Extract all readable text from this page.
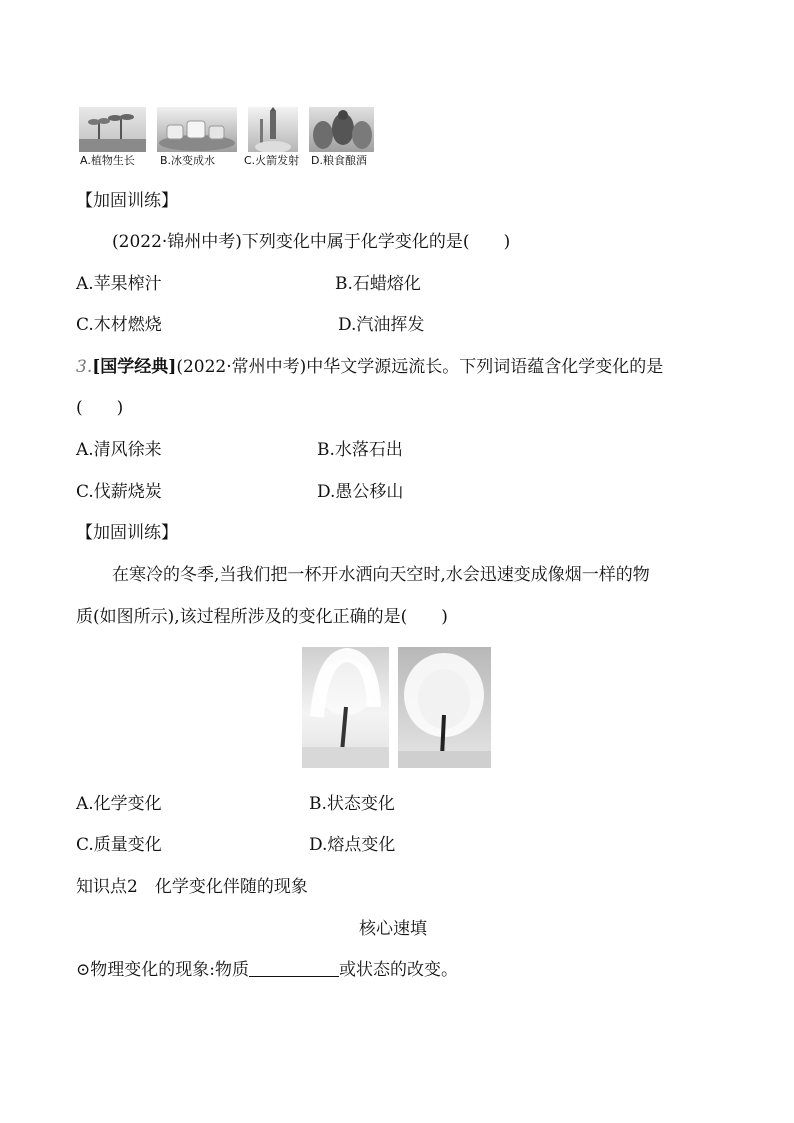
A.植物生长 B.冰变成水	C.火箭发射 D.粮食酿酒
【加固训练】
(2022·锦州中考)下列变化中属于化学变化的是(　　)
A.苹果榨汁	B.石蜡熔化
C.木材燃烧	D.汽油挥发
3.[国学经典](2022·常州中考)中华文学源远流长。下列词语蕴含化学变化的是
(　　)
A.清风徐来	B.水落石出
C.伐薪烧炭	D.愚公移山
【加固训练】
在寒冷的冬季,当我们把一杯开水洒向天空时,水会迅速变成像烟一样的物
质(如图所示),该过程所涉及的变化正确的是(　　)
A.化学变化	B.状态变化
C.质量变化	D.熔点变化
知识点2　化学变化伴随的现象
核心速填
⊙物理变化的现象:物质	或状态的改变。
